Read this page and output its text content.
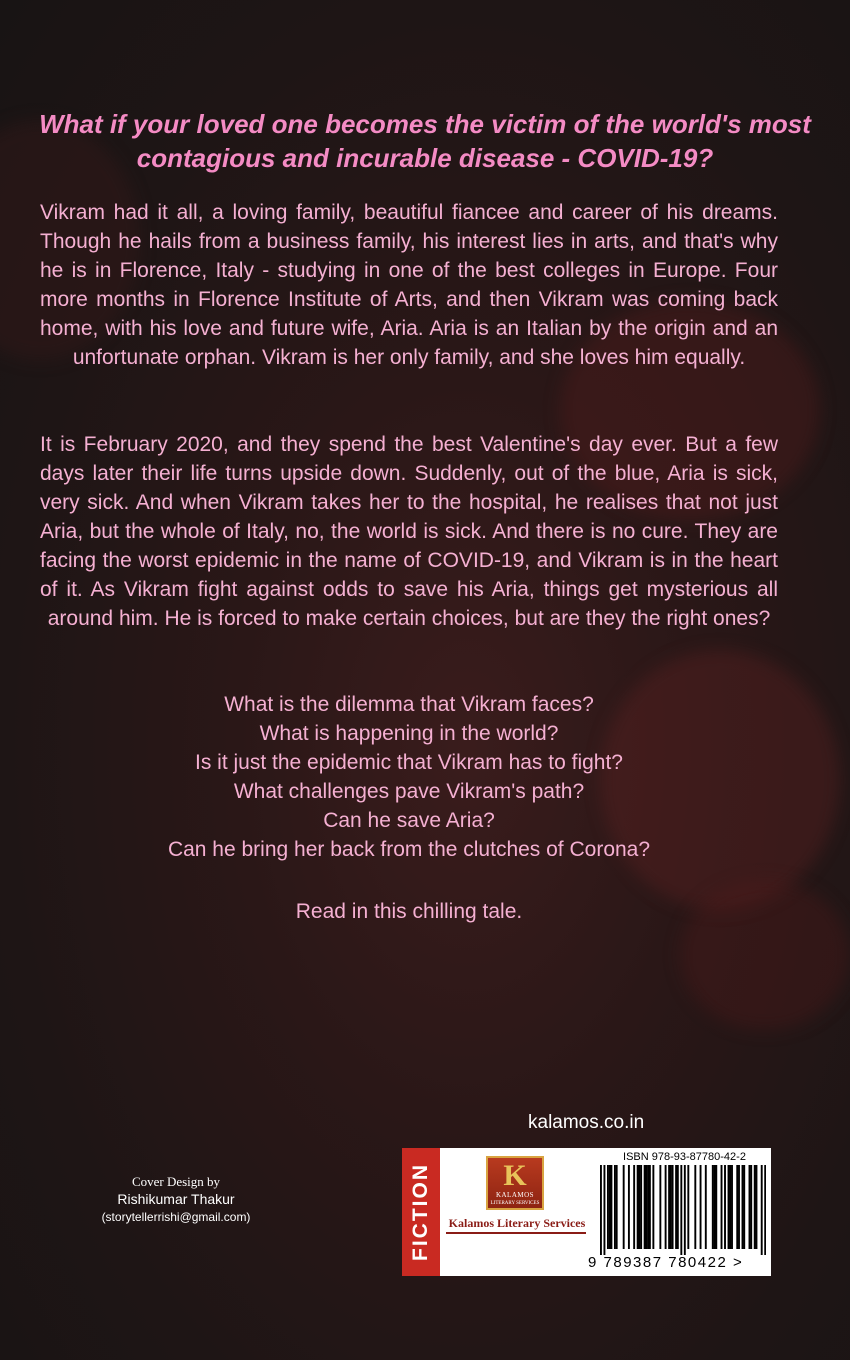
What if your loved one becomes the victim of the world's most contagious and incurable disease - COVID-19?

Vikram had it all, a loving family, beautiful fiancee and career of his dreams. Though he hails from a business family, his interest lies in arts, and that's why he is in Florence, Italy - studying in one of the best colleges in Europe. Four more months in Florence Institute of Arts, and then Vikram was coming back home, with his love and future wife, Aria. Aria is an Italian by the origin and an unfortunate orphan. Vikram is her only family, and she loves him equally.

It is February 2020, and they spend the best Valentine's day ever. But a few days later their life turns upside down. Suddenly, out of the blue, Aria is sick, very sick. And when Vikram takes her to the hospital, he realises that not just Aria, but the whole of Italy, no, the world is sick. And there is no cure. They are facing the worst epidemic in the name of COVID-19, and Vikram is in the heart of it. As Vikram fight against odds to save his Aria, things get mysterious all around him. He is forced to make certain choices, but are they the right ones?

What is the dilemma that Vikram faces?
What is happening in the world?
Is it just the epidemic that Vikram has to fight?
What challenges pave Vikram's path?
Can he save Aria?
Can he bring her back from the clutches of Corona?

Read in this chilling tale.

kalamos.co.in

Cover Design by
Rishikumar Thakur
(storytellerrishi@gmail.com)	FICTION	K
KALAMOS
LITERARY SERVICES
Kalamos Literary Services
ISBN 978-93-87780-42-2
9 789387 780422 >
